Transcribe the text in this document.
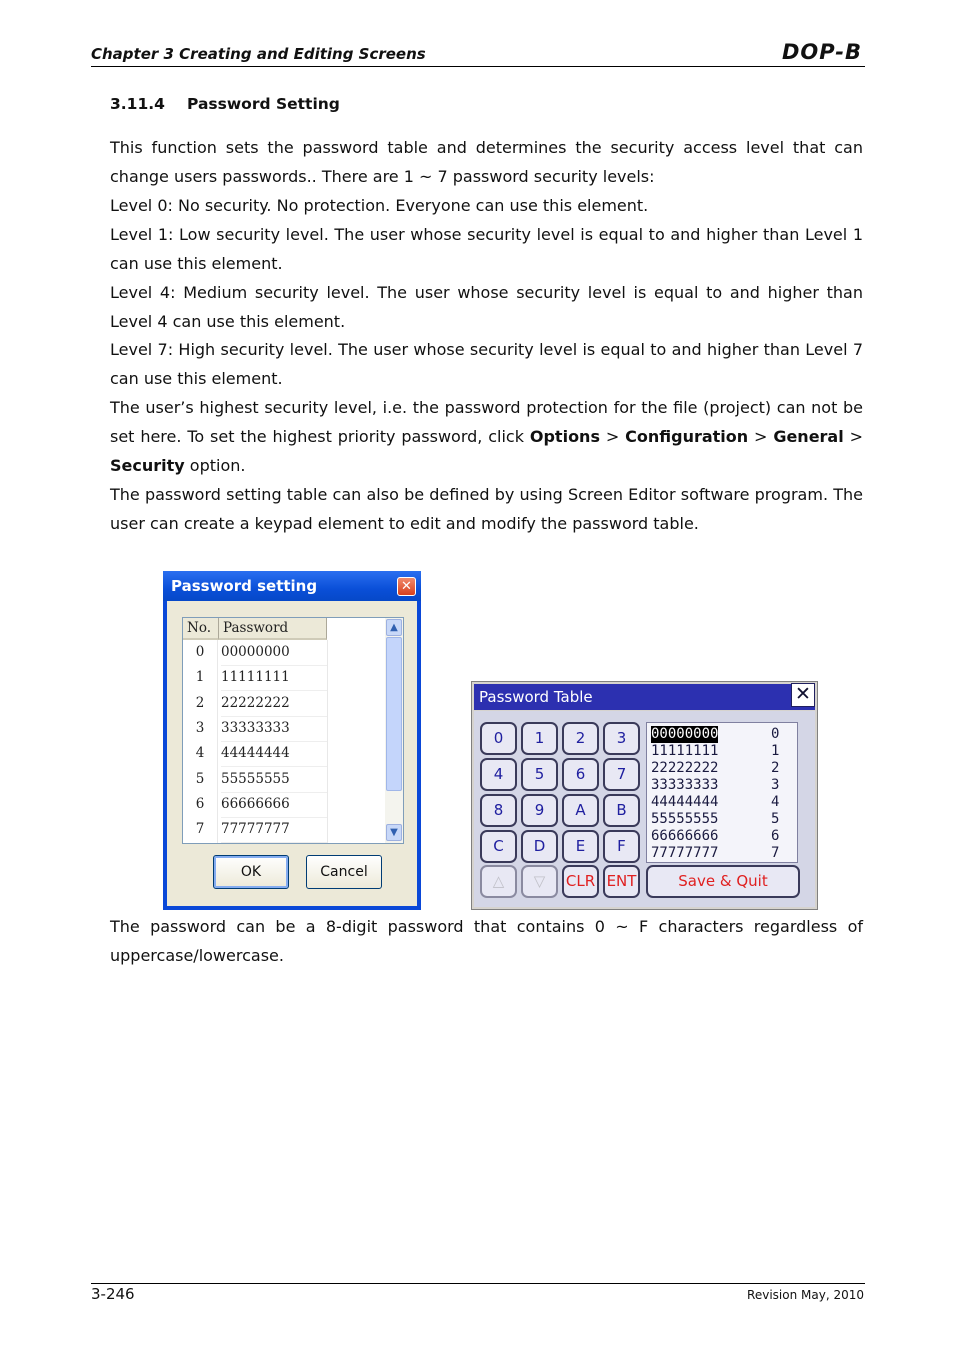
Chapter 3 Creating and Editing Screens	DOP-B
3.11.4 Password Setting

This function sets the password table and determines the security access level that can change users passwords.. There are 1 ~ 7 password security levels:

Level 0: No security. No protection. Everyone can use this element.

Level 1: Low security level. The user whose security level is equal to and higher than Level 1 can use this element.

Level 4: Medium security level. The user whose security level is equal to and higher than Level 4 can use this element.

Level 7: High security level. The user whose security level is equal to and higher than Level 7 can use this element.

The user’s highest security level, i.e. the password protection for the file (project) can not be set here. To set the highest priority password, click Options > Configuration > General > Security option.

The password setting table can also be defined by using Screen Editor software program. The user can create a keypad element to edit and modify the password table.

Password setting	✕
No. Password
0	00000000
1	11111111
2	22222222
3	33333333
4	44444444
5	55555555
6	66666666
7	77777777
▲
▼
OK	Cancel
Password Table	✕
0	1	2	3
4	5	6	7
8	9	A	B
C	D	E	F
△	▽	CLR ENT	Save & Quit
00000000	0
11111111	1
22222222	2
33333333	3
44444444	4
55555555	5
66666666	6
77777777	7

The password can be a 8-digit password that contains 0 ~ F characters regardless of uppercase/lowercase.

3-246	Revision May, 2010
